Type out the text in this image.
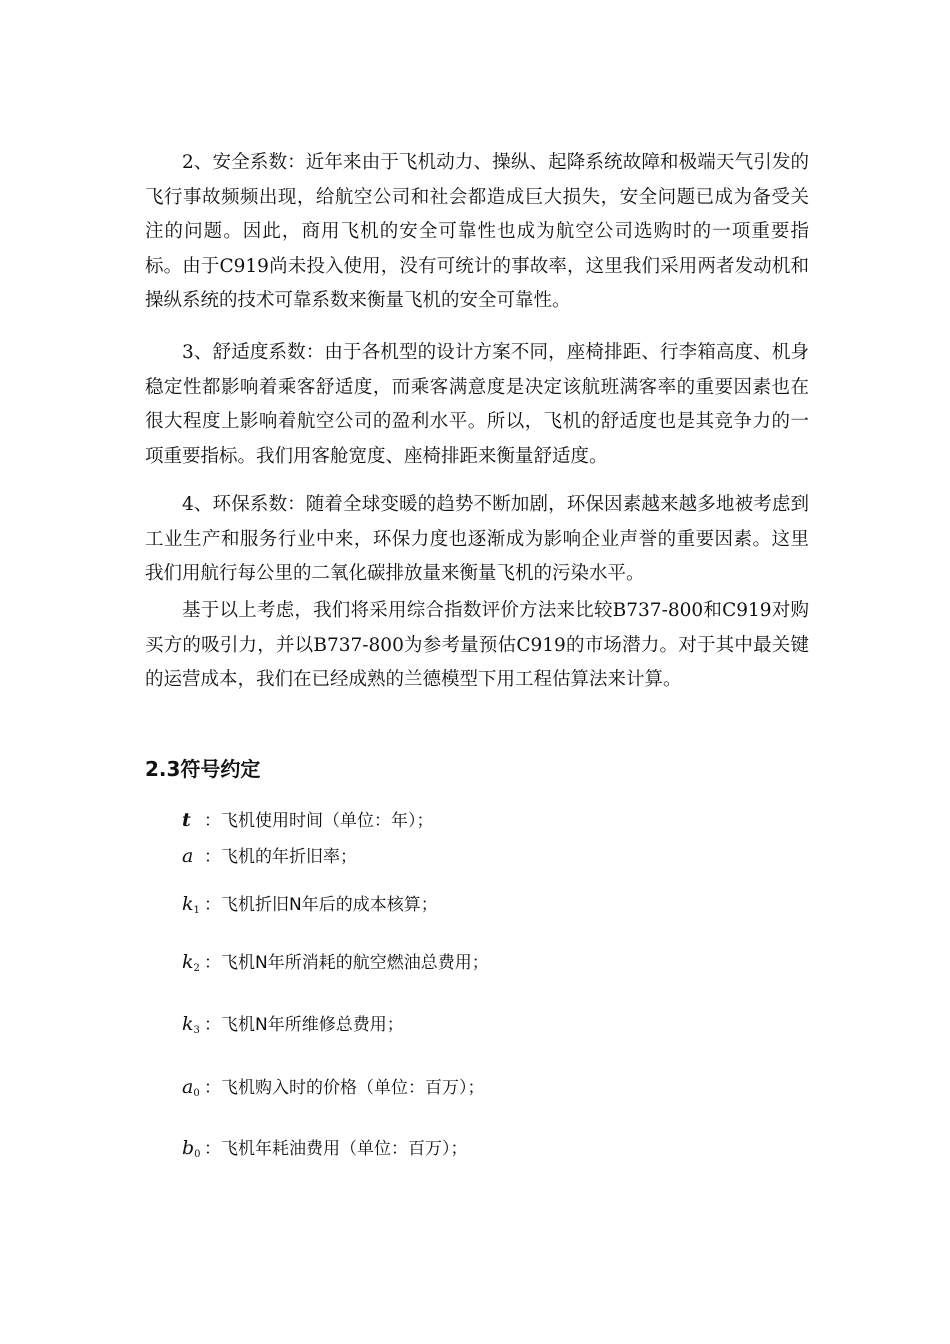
2、安全系数：近年来由于飞机动力、操纵、起降系统故障和极端天气引发的飞行事故频频出现，给航空公司和社会都造成巨大损失，安全问题已成为备受关注的问题。因此，商用飞机的安全可靠性也成为航空公司选购时的一项重要指标。由于C919尚未投入使用，没有可统计的事故率，这里我们采用两者发动机和操纵系统的技术可靠系数来衡量飞机的安全可靠性。

3、舒适度系数：由于各机型的设计方案不同，座椅排距、行李箱高度、机身稳定性都影响着乘客舒适度，而乘客满意度是决定该航班满客率的重要因素也在很大程度上影响着航空公司的盈利水平。所以，飞机的舒适度也是其竞争力的一项重要指标。我们用客舱宽度、座椅排距来衡量舒适度。

4、环保系数：随着全球变暖的趋势不断加剧，环保因素越来越多地被考虑到工业生产和服务行业中来，环保力度也逐渐成为影响企业声誉的重要因素。这里我们用航行每公里的二氧化碳排放量来衡量飞机的污染水平。

基于以上考虑，我们将采用综合指数评价方法来比较B737-800和C919对购买方的吸引力，并以B737-800为参考量预估C919的市场潜力。对于其中最关键的运营成本，我们在已经成熟的兰德模型下用工程估算法来计算。

2.3符号约定
t ：飞机使用时间（单位：年）；
a ：飞机的年折旧率；
$k_1$ ：飞机折旧N年后的成本核算；
$k_2$ ：飞机N年所消耗的航空燃油总费用；
$k_3$ ：飞机N年所维修总费用；
$a_0$ ：飞机购入时的价格（单位：百万）；
$b_0$ ：飞机年耗油费用（单位：百万）；
